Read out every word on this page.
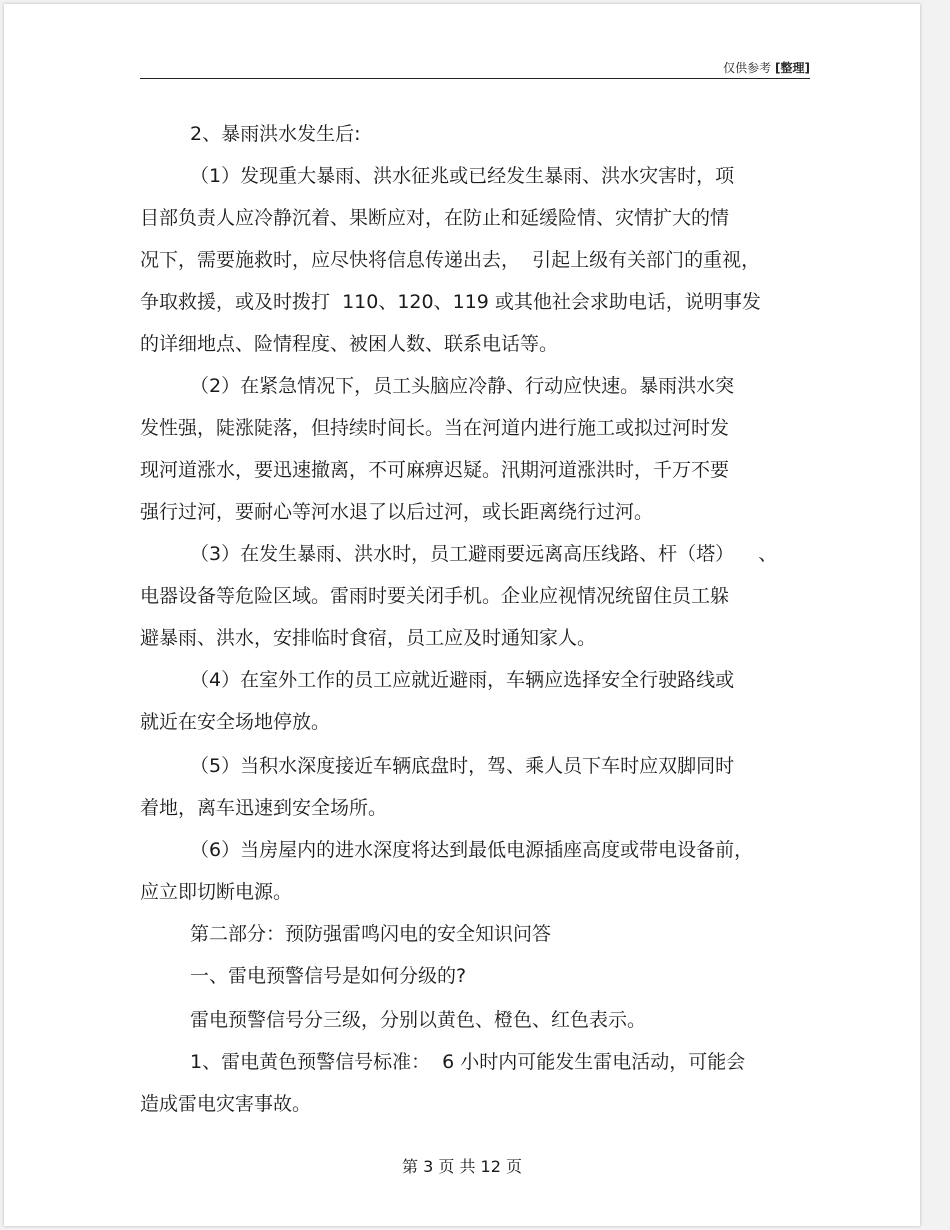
仅供参考 [整理]
2、暴雨洪水发生后:
（1）发现重大暴雨、洪水征兆或已经发生暴雨、洪水灾害时，项
目部负责人应冷静沉着、果断应对，在防止和延缓险情、灾情扩大的情
况下，需要施救时，应尽快将信息传递出去，  引起上级有关部门的重视，
争取救援，或及时拨打  110、120、119 或其他社会求助电话，说明事发
的详细地点、险情程度、被困人数、联系电话等。
（2）在紧急情况下，员工头脑应冷静、行动应快速。暴雨洪水突
发性强，陡涨陡落，但持续时间长。当在河道内进行施工或拟过河时发
现河道涨水，要迅速撤离，不可麻痹迟疑。汛期河道涨洪时，千万不要
强行过河，要耐心等河水退了以后过河，或长距离绕行过河。
（3）在发生暴雨、洪水时，员工避雨要远离高压线路、杆（塔）    、
电器设备等危险区域。雷雨时要关闭手机。企业应视情况统留住员工躲
避暴雨、洪水，安排临时食宿，员工应及时通知家人。
（4）在室外工作的员工应就近避雨，车辆应选择安全行驶路线或
就近在安全场地停放。
（5）当积水深度接近车辆底盘时，驾、乘人员下车时应双脚同时
着地，离车迅速到安全场所。
（6）当房屋内的进水深度将达到最低电源插座高度或带电设备前，
应立即切断电源。
第二部分：预防强雷鸣闪电的安全知识问答
一、雷电预警信号是如何分级的?
雷电预警信号分三级，分别以黄色、橙色、红色表示。
1、雷电黄色预警信号标准：  6 小时内可能发生雷电活动，可能会
造成雷电灾害事故。
第 3 页 共 12 页
